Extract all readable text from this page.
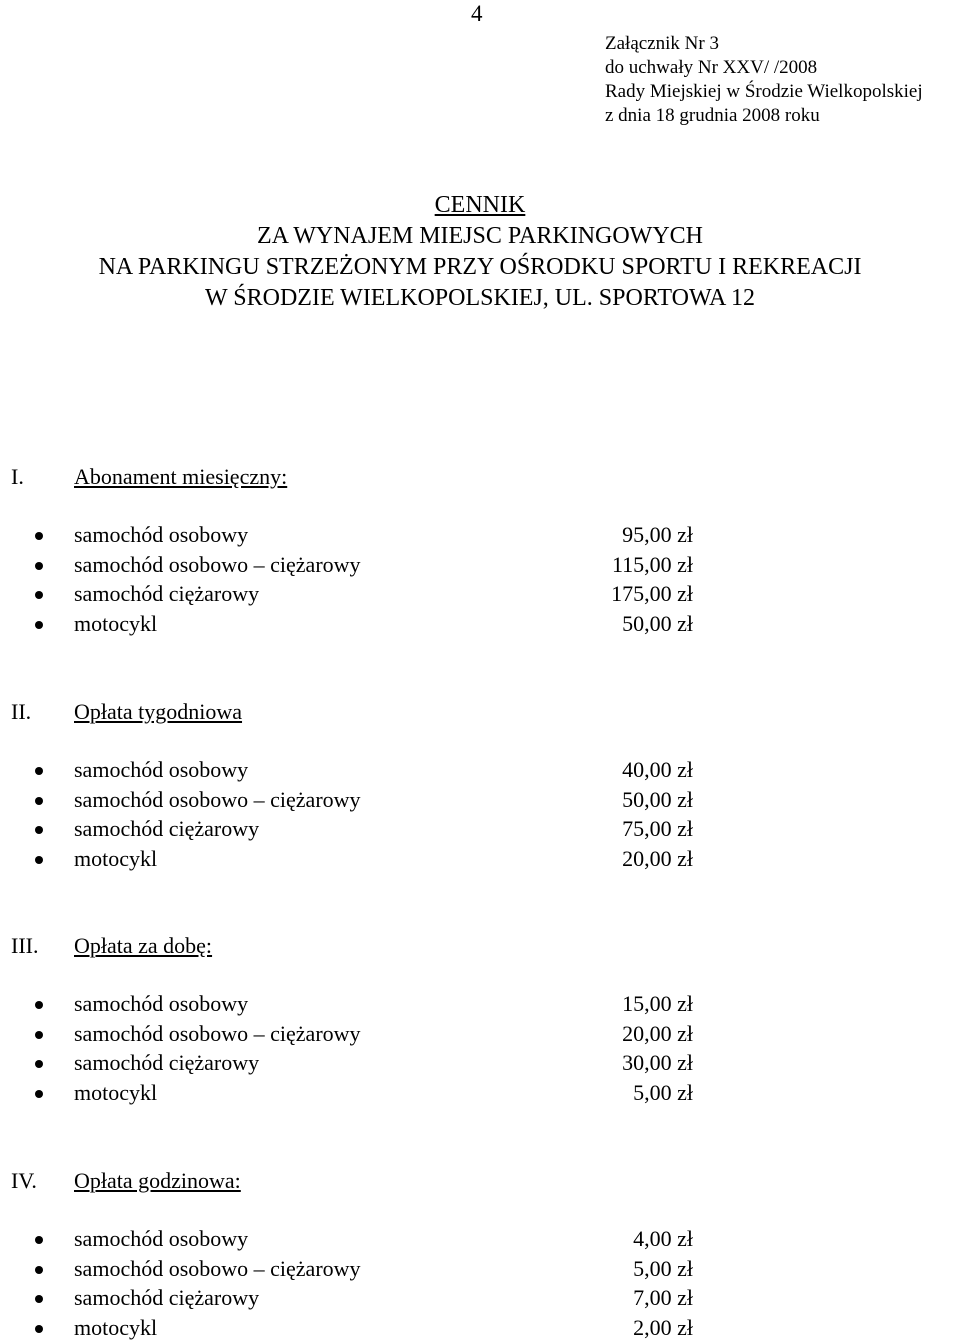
4
Załącznik Nr 3
do uchwały Nr XXV/ /2008
Rady Miejskiej w Środzie Wielkopolskiej
z dnia 18 grudnia 2008 roku
CENNIK
ZA WYNAJEM MIEJSC PARKINGOWYCH
NA PARKINGU STRZEŻONYM PRZY OŚRODKU SPORTU I REKREACJI
W ŚRODZIE WIELKOPOLSKIEJ, UL. SPORTOWA 12
I. Abonament miesięczny:
samochód osobowy	95,00 zł
samochód osobowo – ciężarowy	115,00 zł
samochód ciężarowy	175,00 zł
motocykl	50,00 zł
II. Opłata tygodniowa
samochód osobowy	40,00 zł
samochód osobowo – ciężarowy	50,00 zł
samochód ciężarowy	75,00 zł
motocykl	20,00 zł
III. Opłata za dobę:
samochód osobowy	15,00 zł
samochód osobowo – ciężarowy	20,00 zł
samochód ciężarowy	30,00 zł
motocykl	5,00 zł
IV. Opłata godzinowa:
samochód osobowy	4,00 zł
samochód osobowo – ciężarowy	5,00 zł
samochód ciężarowy	7,00 zł
motocykl	2,00 zł
